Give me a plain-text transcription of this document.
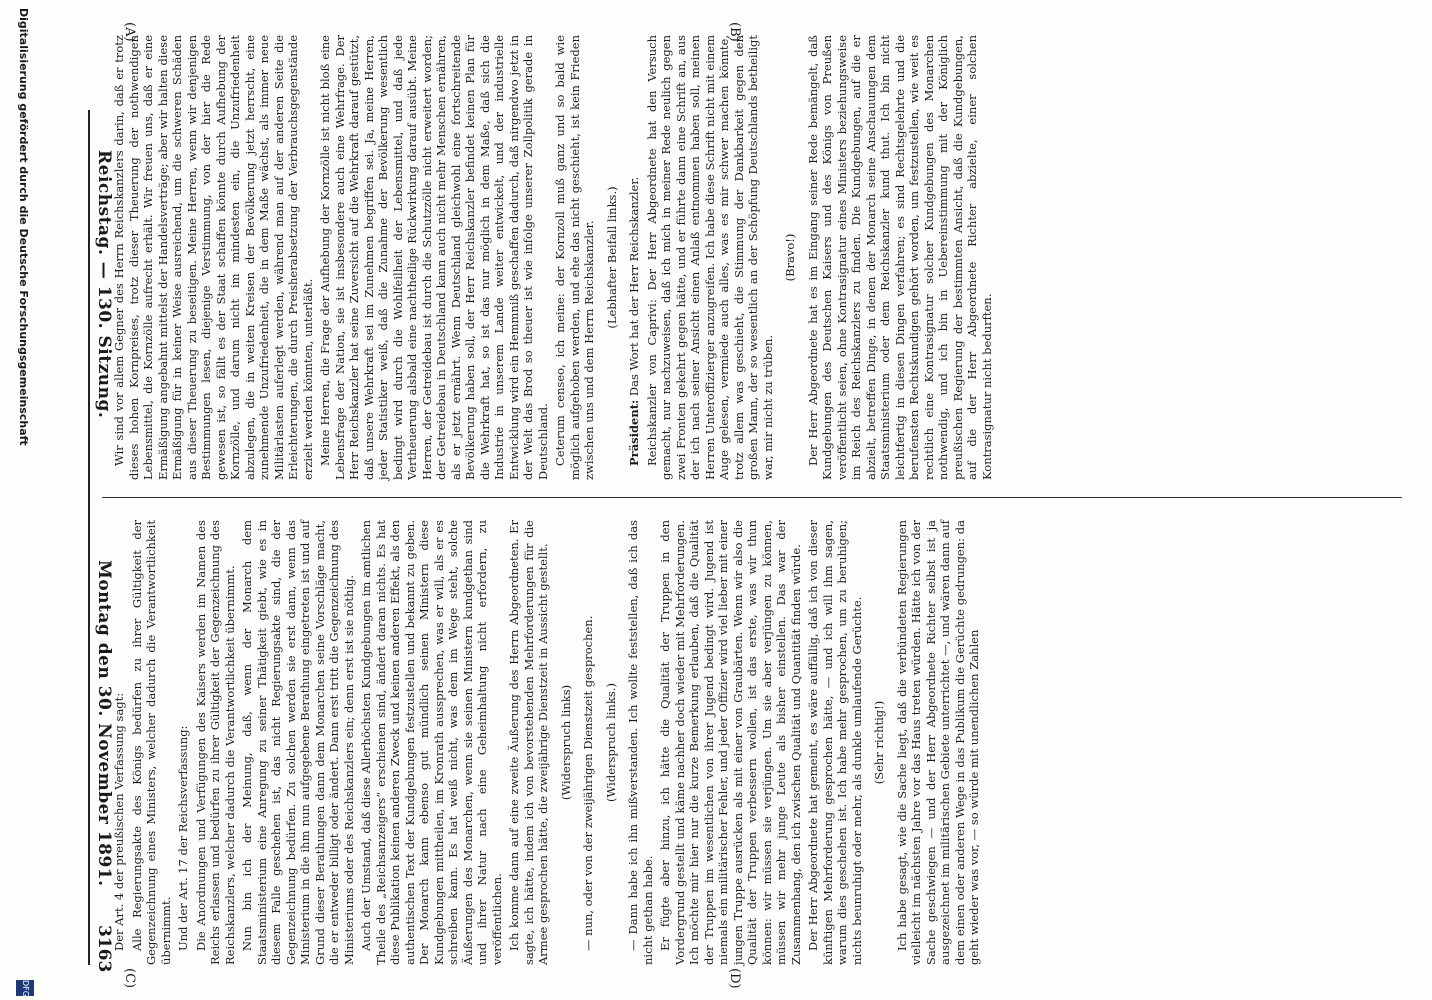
Reichstag. — 130. Sitzung.
Montag den 30. November 1891.
3163
(A)	(B)
(C)	(D)

Wir sind vor allem Gegner des Herrn Reichskanzlers darin, daß er trotz dieses hohen Kornpreises, trotz dieser Theuerung der nothwendigen Lebensmittel, die Kornzölle aufrecht erhält. Wir freuen uns, daß er eine Ermäßigung angebahnt mittelst der Handelsverträge; aber wir halten diese Ermäßigung für in keiner Weise ausreichend, um die schweren Schäden aus dieser Theuerung zu beseitigen. Meine Herren, wenn wir denjenigen Bestimmungen lesen, diejenige Verstimmung, von der hier die Rede gewesen ist, so fällt es der Staat schaffen könnte durch Aufhebung der Kornzölle, und darum nicht im mindesten ein, die Unzufriedenheit abzulegen, die in weiten Kreisen der Bevölkerung jetzt herrscht, eine zunehmende Unzufriedenheit, die in dem Maße wächst, als immer neue Militärlasten auferlegt werden, während man auf der anderen Seite die Erleichterungen, die durch Preisherabsetzung der Verbrauchsgegenstände erzielt werden könnten, unterläßt. Meine Herren, die Frage der Aufhebung der Kornzölle ist nicht bloß eine Lebensfrage der Nation, sie ist insbesondere auch eine Wehrfrage. Der Herr Reichskanzler hat seine Zuversicht auf die Wehrkraft darauf gestützt, daß unsere Wehrkraft sei im Zunehmen begriffen sei. Ja, meine Herren, jeder Statistiker weiß, daß die Zunahme der Bevölkerung wesentlich bedingt wird durch die Wohlfeilheit der Lebensmittel, und daß jede Vertheuerung alsbald eine nachtheilige Rückwirkung darauf ausübt. Meine Herren, der Getreidebau ist durch die Schutzzölle nicht erweitert worden; der Getreidebau in Deutschland kann auch nicht mehr Menschen ernähren, als er jetzt ernährt. Wenn Deutschland gleichwohl eine fortschreitende Bevölkerung haben soll, der Herr Reichskanzler befindet keinen Plan für die Wehrkraft hat, so ist das nur möglich in dem Maße, daß sich die Industrie in unserem Lande weiter entwickelt, und der industrielle Entwicklung wird ein Hemmniß geschaffen dadurch, daß nirgendwo jetzt in der Welt das Brod so theuer ist wie infolge unserer Zollpolitik gerade in Deutschland. Ceterum censeo, ich meine: der Kornzoll muß ganz und so bald wie möglich aufgehoben werden, und ehe das nicht geschieht, ist kein Frieden zwischen uns und dem Herrn Reichskanzler. (Lebhafter Beifall links.)

Präsident: Das Wort hat der Herr Reichskanzler. Reichskanzler von Caprivi: Der Herr Abgeordnete hat den Versuch gemacht, nur nachzuweisen, daß ich mich in meiner Rede neulich gegen zwei Fronten gekehrt gegen hätte, und er führte dann eine Schrift an, aus der ich nach seiner Ansicht einen Anlaß entnommen haben soll, meinen Herren Unteroffizierger anzugreifen. Ich habe diese Schrift nicht mit einem Auge gelesen, vermiede auch alles, was es mir schwer machen könnte, trotz allem was geschieht, die Stimmung der Dankbarkeit gegen den großen Mann, der so wesentlich an der Schöpfung Deutschlands betheiligt war, mir nicht zu trüben.

(Bravo!) Der Herr Abgeordnete hat es im Eingang seiner Rede bemängelt, daß Kundgebungen des Deutschen Kaisers und des Königs von Preußen veröffentlicht seien, ohne Kontrasignatur eines Ministers beziehungsweise im Reich des Reichskanzlers zu finden. Die Kundgebungen, auf die er abzielt, betreffen Dinge, in denen der Monarch seine Anschauungen dem Staatsministerium oder dem Reichskanzler kund thut. Ich bin nicht leichtfertig in diesen Dingen verfahren; es sind Rechtsgelehrte und die berufensten Rechtskundigen gehört worden, um festzustellen, wie weit es rechtlich eine Kontrasignatur solcher Kundgebungen des Monarchen nothwendig, und ich bin in Uebereinstimmung mit der Königlich preußischen Regierung der bestimmten Ansicht, daß die Kundgebungen, auf die der Herr Abgeordnete Richter abzielte, einer solchen Kontrasignatur nicht bedurften.

Der Art. 4 der preußischen Verfassung sagt: Alle Regierungsakte des Königs bedürfen zu ihrer Gültigkeit der Gegenzeichnung eines Ministers, welcher dadurch die Verantwortlichkeit übernimmt. Und der Art. 17 der Reichsverfassung: Die Anordnungen und Verfügungen des Kaisers werden im Namen des Reichs erlassen und bedürfen zu ihrer Gültigkeit der Gegenzeichnung des Reichskanzlers, welcher dadurch die Verantwortlichkeit übernimmt. Nun bin ich der Meinung, daß, wenn der Monarch dem Staatsministerium eine Anregung zu seiner Thätigkeit giebt, wie es in diesem Falle geschehen ist, das nicht Regierungsakte sind, die der Gegenzeichnung bedürfen. Zu solchen werden sie erst dann, wenn das Ministerium in die ihm nun aufgegebene Berathung eingetreten ist und auf Grund dieser Berathungen dann dem Monarchen seine Vorschläge macht, die er entweder billigt oder ändert. Dann erst tritt die Gegenzeichnung des Ministeriums oder des Reichskanzlers ein; denn erst ist sie nöthig. Auch der Umstand, daß diese Allerhöchsten Kundgebungen im amtlichen Theile des „Reichsanzeigers“ erschienen sind, ändert daran nichts. Es hat diese Publikation keinen anderen Zweck und keinen anderen Effekt, als den authentischen Text der Kundgebungen festzustellen und bekannt zu geben. Der Monarch kann ebenso gut mündlich seinen Ministern diese Kundgebungen mittheilen, im Kronrath aussprechen, was er will, als er es schreiben kann. Es hat weiß nicht, was dem im Wege steht, solche Äußerungen des Monarchen, wenn sie seinen Ministern kundgethan sind und ihrer Natur nach eine Geheimhaltung nicht erfordern, zu veröffentlichen. Ich komme dann auf eine zweite Äußerung des Herrn Abgeordneten. Er sagte, ich hätte, indem ich von bevorstehenden Mehrforderungen für die Armee gesprochen hätte, die zweijährige Dienstzeit in Aussicht gestellt. (Widerspruch links) — nun, oder von der zweijährigen Dienstzeit gesprochen. (Widerspruch links.) — Dann habe ich ihn mißverstanden. Ich wollte feststellen, daß ich das nicht gethan habe. Er fügte aber hinzu, ich hätte die Qualität der Truppen in den Vordergrund gestellt und käme nachher doch wieder mit Mehrforderungen. Ich möchte mir hier nur die kurze Bemerkung erlauben, daß die Qualität der Truppen im wesentlichen von ihrer Jugend bedingt wird. Jugend ist niemals ein militärischer Fehler, und jeder Offizier wird viel lieber mit einer jungen Truppe ausrücken als mit einer von Graubärten. Wenn wir also die Qualität der Truppen verbessern wollen, ist das erste, was wir thun können: wir müssen sie verjüngen. Um sie aber verjüngen zu können, müssen wir mehr junge Leute als bisher einstellen. Das war der Zusammenhang, den ich zwischen Qualität und Quantität finden würde. Der Herr Abgeordnete hat gemeint, es wäre auffällig, daß ich von dieser künftigen Mehrforderung gesprochen hätte, — und ich will ihm sagen, warum dies geschehen ist. Ich habe mehr gesprochen, um zu beruhigen; nichts beunruhigt oder mehr, als dunkle umlaufende Gerüchte. (Sehr richtig!) Ich habe gesagt, wie die Sache liegt, daß die verbündeten Regierungen vielleicht im nächsten Jahre vor das Haus treten würden. Hätte ich von der Sache geschwiegen — und der Herr Abgeordnete Richter selbst ist ja ausgezeichnet im militärischen Gebiete unterrichtet —, und wären dann auf dem einen oder anderen Wege in das Publikum die Gerüchte gedrungen: da geht wieder was vor, — so würde mit unendlichen Zahlen

Digitalisierung gefördert durch die Deutsche Forschungsgemeinschaft
DFG
